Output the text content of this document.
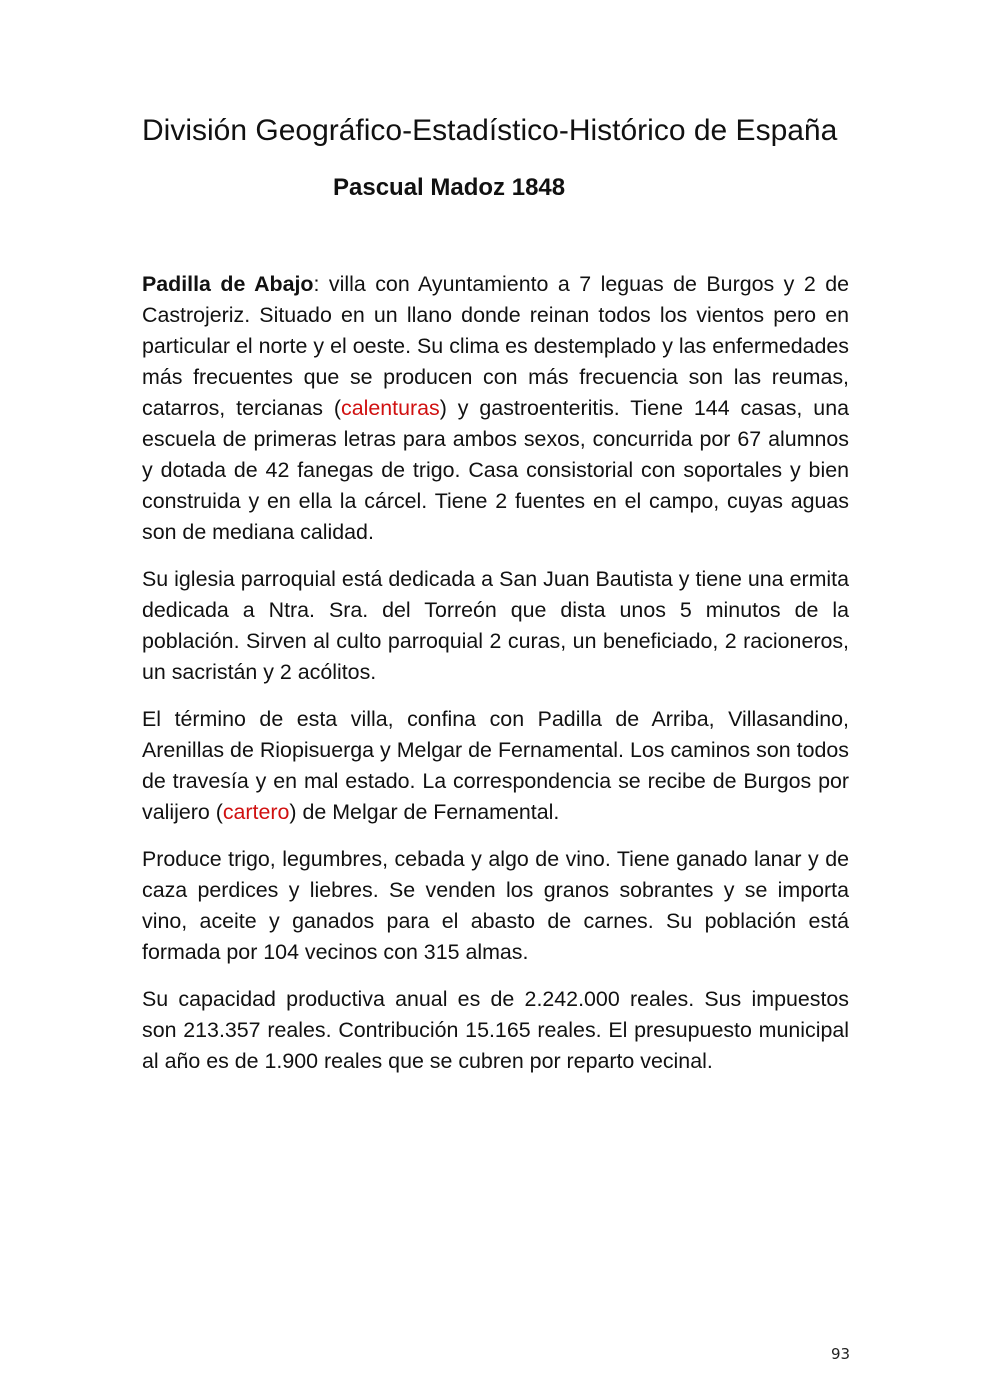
División Geográfico-Estadístico-Histórico de España
Pascual Madoz 1848

Padilla de Abajo: villa con Ayuntamiento a 7 leguas de Burgos y 2 de Castrojeriz. Situado en un llano donde reinan todos los vientos pero en particular el norte y el oeste. Su clima es destemplado y las enfermedades más frecuentes que se producen con más frecuencia son las reumas, catarros, tercianas (calenturas) y gastroenteritis. Tiene 144 casas, una escuela de primeras letras para ambos sexos, concurrida por 67 alumnos y dotada de 42 fanegas de trigo. Casa consistorial con soportales y bien construida y en ella la cárcel. Tiene 2 fuentes en el campo, cuyas aguas son de mediana calidad.

Su iglesia parroquial está dedicada a San Juan Bautista y tiene una ermita dedicada a Ntra. Sra. del Torreón que dista unos 5 minutos de la población. Sirven al culto parroquial 2 curas, un beneficiado, 2 racioneros, un sacristán y 2 acólitos.

El término de esta villa, confina con Padilla de Arriba, Villasandino, Arenillas de Riopisuerga y Melgar de Fernamental. Los caminos son todos de travesía y en mal estado. La correspondencia se recibe de Burgos por valijero (cartero) de Melgar de Fernamental.

Produce trigo, legumbres, cebada y algo de vino. Tiene ganado lanar y de caza perdices y liebres. Se venden los granos sobrantes y se importa vino, aceite y ganados para el abasto de carnes. Su población está formada por 104 vecinos con 315 almas.

Su capacidad productiva anual es de 2.242.000 reales. Sus impuestos son 213.357 reales. Contribución 15.165 reales. El presupuesto municipal al año es de 1.900 reales que se cubren por reparto vecinal.

93
